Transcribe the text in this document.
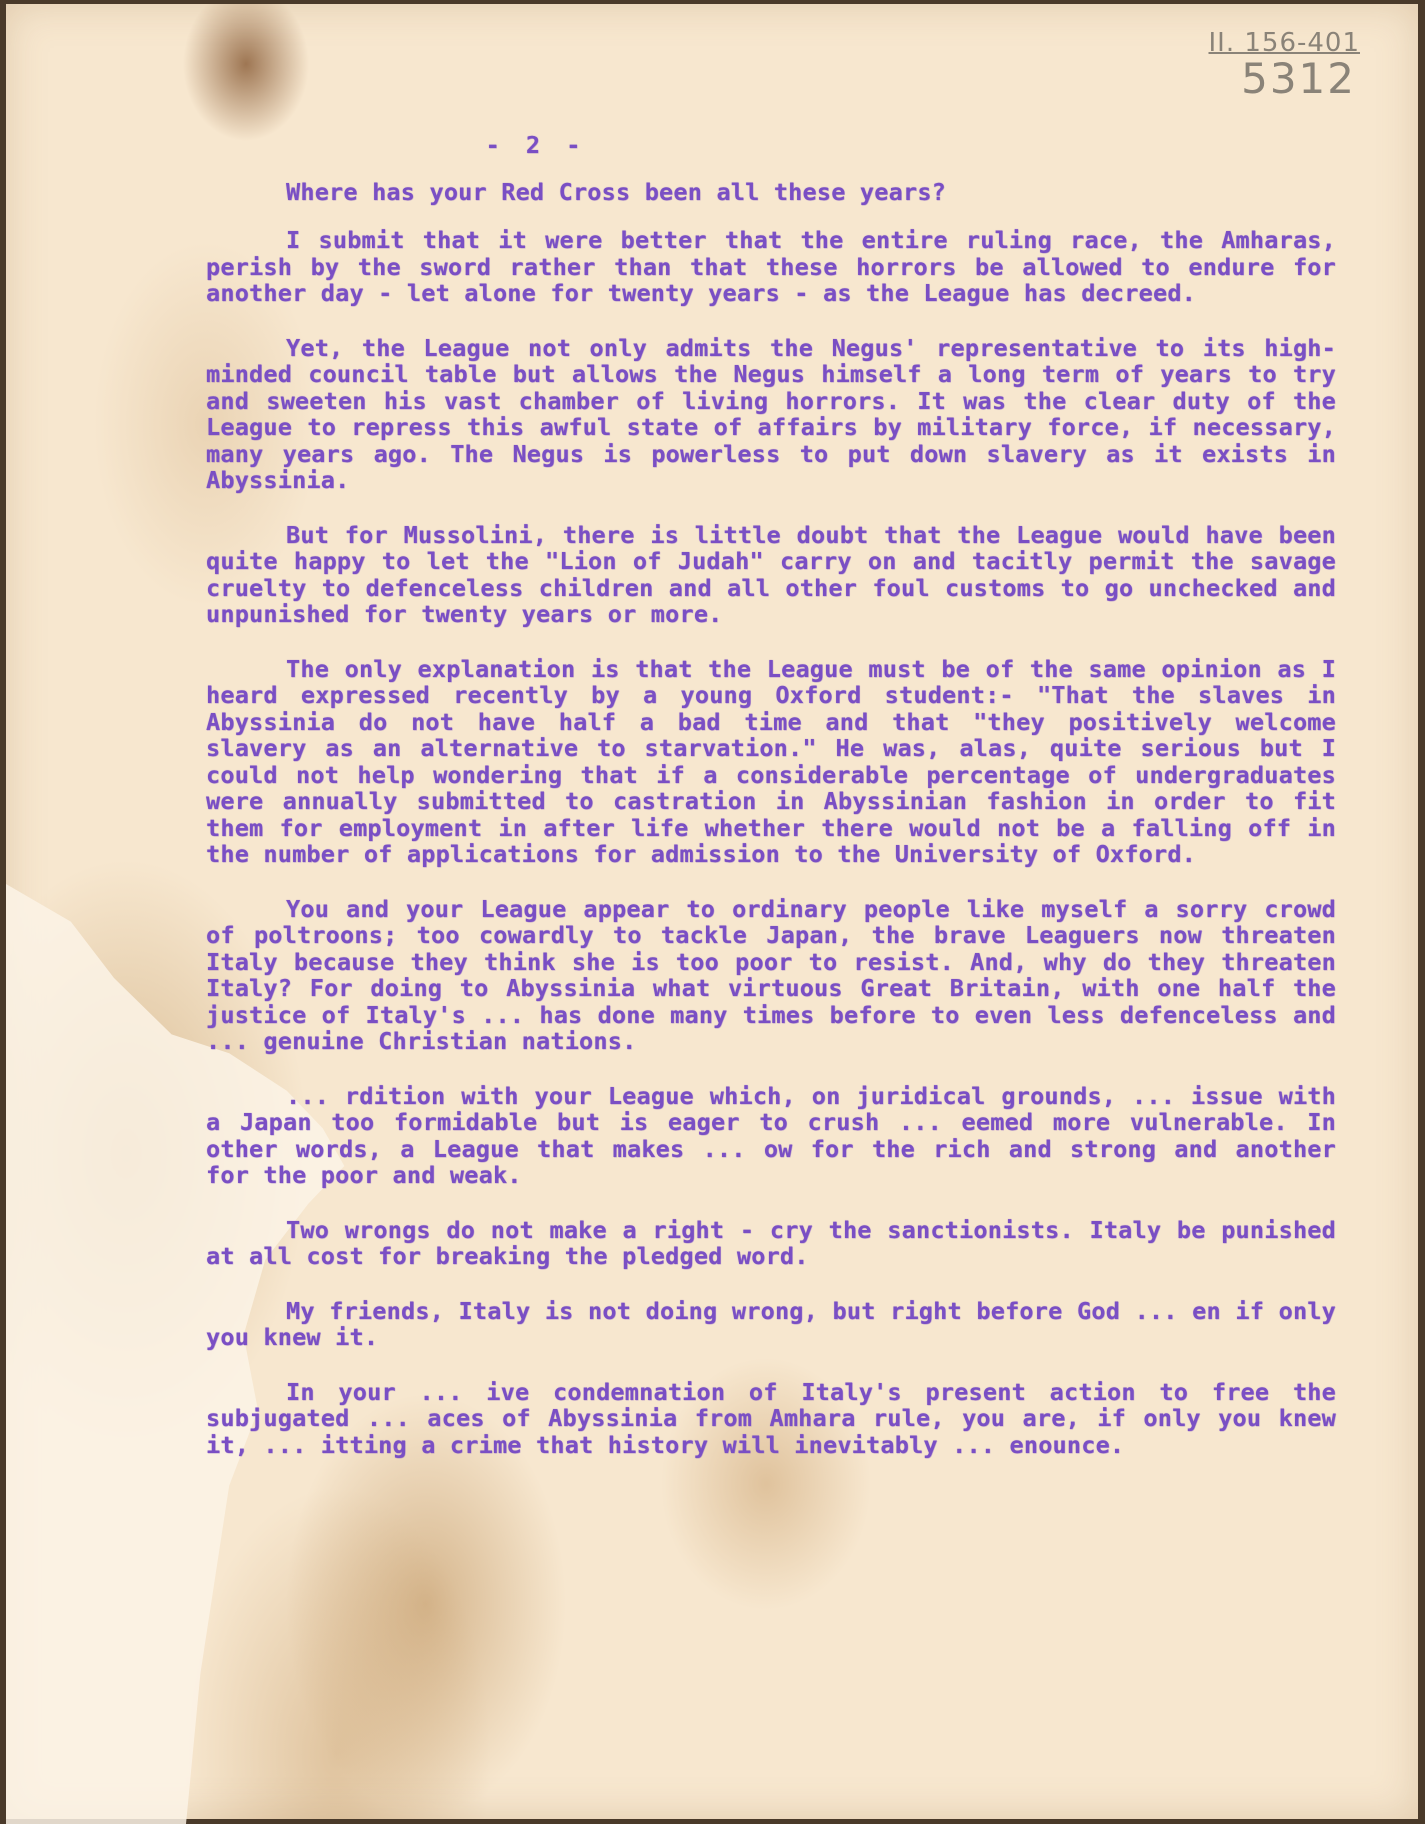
II. 156-401
5312
- 2 -
Where has your Red Cross been all these years?

I submit that it were better that the entire ruling race, the Amharas, perish by the sword rather than that these horrors be allowed to endure for another day - let alone for twenty years - as the League has decreed.

Yet, the League not only admits the Negus' representative to its high-minded council table but allows the Negus himself a long term of years to try and sweeten his vast chamber of living horrors. It was the clear duty of the League to repress this awful state of affairs by military force, if necessary, many years ago. The Negus is powerless to put down slavery as it exists in Abyssinia.

But for Mussolini, there is little doubt that the League would have been quite happy to let the "Lion of Judah" carry on and tacitly permit the savage cruelty to defenceless children and all other foul customs to go unchecked and unpunished for twenty years or more.

The only explanation is that the League must be of the same opinion as I heard expressed recently by a young Oxford student:- "That the slaves in Abyssinia do not have half a bad time and that "they positively welcome slavery as an alternative to starvation." He was, alas, quite serious but I could not help wondering that if a considerable percentage of undergraduates were annually submitted to castration in Abyssinian fashion in order to fit them for employment in after life whether there would not be a falling off in the number of applications for admission to the University of Oxford.

You and your League appear to ordinary people like myself a sorry crowd of poltroons; too cowardly to tackle Japan, the brave Leaguers now threaten Italy because they think she is too poor to resist. And, why do they threaten Italy? For doing to Abyssinia what virtuous Great Britain, with one half the justice of Italy's ... has done many times before to even less defenceless and ... genuine Christian nations.

... rdition with your League which, on juridical grounds, ... issue with a Japan too formidable but is eager to crush ... eemed more vulnerable. In other words, a League that makes ... ow for the rich and strong and another for the poor and weak.

Two wrongs do not make a right - cry the sanctionists. Italy be punished at all cost for breaking the pledged word.

My friends, Italy is not doing wrong, but right before God ... en if only you knew it.

In your ... ive condemnation of Italy's present action to free the subjugated ... aces of Abyssinia from Amhara rule, you are, if only you knew it, ... itting a crime that history will inevitably ... enounce.
